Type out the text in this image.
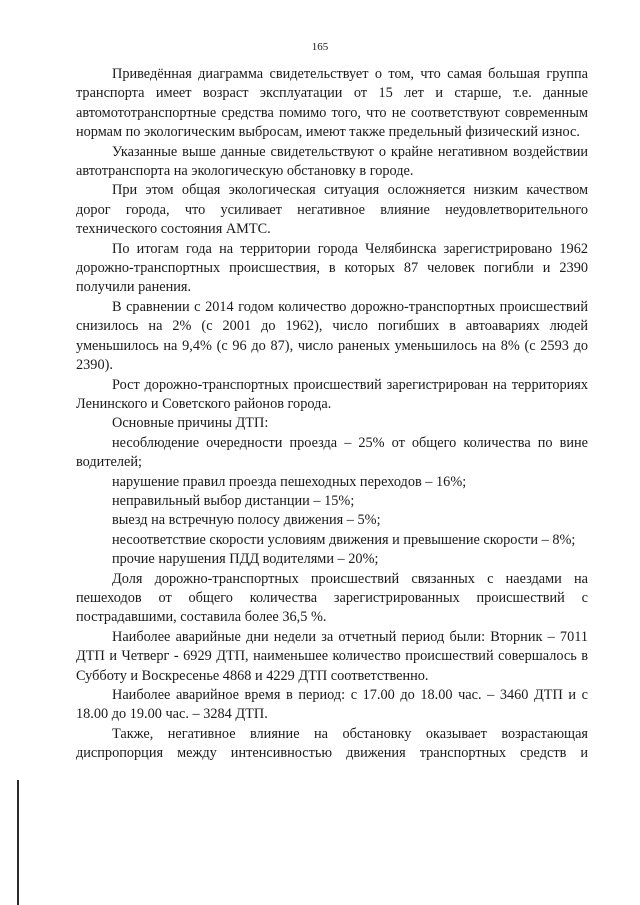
165

Приведённая диаграмма свидетельствует о том, что самая большая группа транспорта имеет возраст эксплуатации от 15 лет и старше, т.е. данные автомототранспортные средства помимо того, что не соответствуют современным нормам по экологическим выбросам, имеют также предельный физический износ.

Указанные выше данные свидетельствуют о крайне негативном воздействии автотранспорта на экологическую обстановку в городе.

При этом общая экологическая ситуация осложняется низким качеством дорог города, что усиливает негативное влияние неудовлетворительного технического состояния АМТС.

По итогам года на территории города Челябинска зарегистрировано 1962 дорожно-транспортных происшествия, в которых 87 человек погибли и 2390 получили ранения.

В сравнении с 2014 годом количество дорожно-транспортных происшествий снизилось на 2% (с 2001 до 1962), число погибших в автоавариях людей уменьшилось на 9,4% (с 96 до 87), число раненых уменьшилось на 8% (с 2593 до 2390).

Рост дорожно-транспортных происшествий зарегистрирован на территориях Ленинского и Советского районов города.

Основные причины ДТП:

несоблюдение очередности проезда – 25% от общего количества по вине водителей;

нарушение правил проезда пешеходных переходов – 16%;

неправильный выбор дистанции – 15%;

выезд на встречную полосу движения – 5%;

несоответствие скорости условиям движения и превышение скорости – 8%;

прочие нарушения ПДД водителями – 20%;

Доля дорожно-транспортных происшествий связанных с наездами на пешеходов от общего количества зарегистрированных происшествий с пострадавшими, составила более 36,5 %.

Наиболее аварийные дни недели за отчетный период были: Вторник – 7011 ДТП и Четверг - 6929 ДТП, наименьшее количество происшествий совершалось в Субботу и Воскресенье 4868 и 4229 ДТП соответственно.

Наиболее аварийное время в период: с 17.00 до 18.00 час. – 3460 ДТП и с 18.00 до 19.00 час. – 3284 ДТП.

Также, негативное влияние на обстановку оказывает возрастающая диспропорция между интенсивностью движения транспортных средств и
